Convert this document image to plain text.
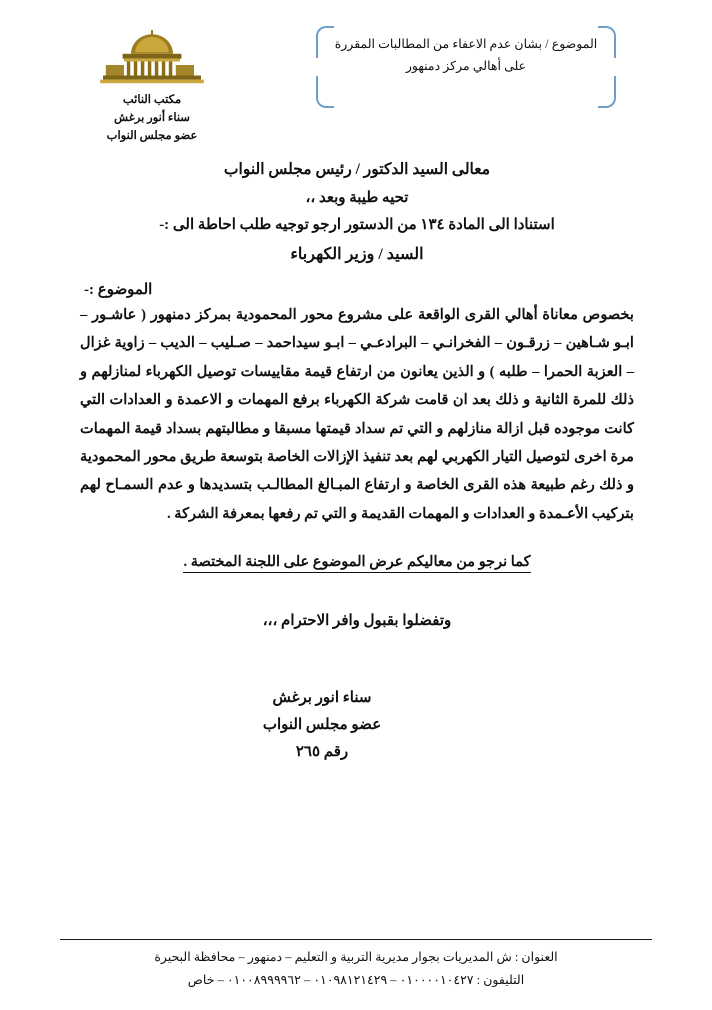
الموضوع / بشان عدم الاعفاء من المطالبات المقررة
على أهالي مركز دمنهور
مكتب النائب
سناء أنور برغش
عضو مجلس النواب
معالى السيد الدكتور / رئيس مجلس النواب
تحيه طيبة وبعد ،،
استنادا الى المادة ١٣٤ من الدستور ارجو توجيه طلب احاطة الى :-
السيد / وزير الكهرباء
الموضوع :-
بخصوص معاناة أهالي القرى الواقعة على مشروع محور المحمودية بمركز دمنهور ( عاشـور – ابـو شـاهين – زرقـون – الفخرانـي – البرادعـي – ابـو سيداحمد – صـليب – الديب – زاوية غزال – العزبة الحمرا – طلبه ) و الذين يعانون من ارتفاع قيمة مقاييسات توصيل الكهرباء لمنازلهم و ذلك للمرة الثانية و ذلك بعد ان قامت شركة الكهرباء برفع المهمات و الاعمدة و العدادات التي كانت موجوده قبل ازالة منازلهم و التي تم سداد قيمتها مسبقا و مطالبتهم بسداد قيمة المهمات مرة اخرى لتوصيل التيار الكهربي لهم بعد تنفيذ الإزالات الخاصة بتوسعة طريق محور المحمودية و ذلك رغم طبيعة هذه القرى الخاصة و ارتفاع المبـالغ المطالـب بتسديدها و عدم السمـاح لهم بتركيب الأعـمدة و العدادات و المهمات القديمة و التي تم رفعها بمعرفة الشركة .
كما نرجو من معاليكم عرض الموضوع على اللجنة المختصة .
وتفضلوا بقبول وافر الاحترام ،،،
سناء انور برغش
عضو مجلس النواب
رقم ٢٦٥
العنوان : ش المديريات بجوار مديرية التربية و التعليم – دمنهور – محافظة البحيرة
التليفون : ٠١٠٠٠٠١٠٤٢٧ – ٠١٠٩٨١٢١٤٢٩ – ٠١٠٠٨٩٩٩٩٦٢ – خاص
